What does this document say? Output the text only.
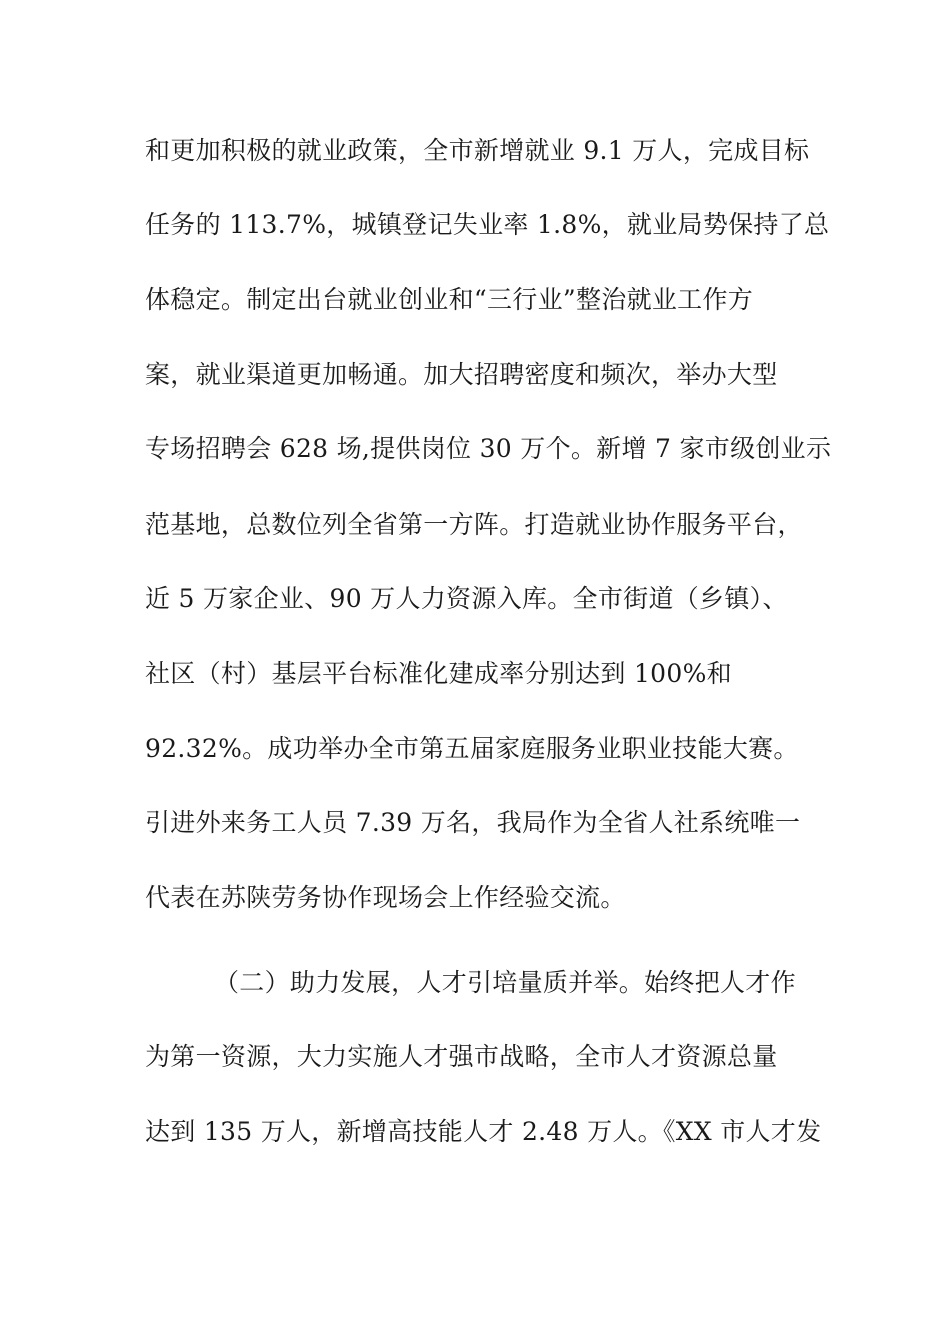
和更加积极的就业政策，全市新增就业 9.1 万人，完成目标
任务的 113.7%，城镇登记失业率 1.8%，就业局势保持了总
体稳定。制定出台就业创业和“三行业”整治就业工作方
案，就业渠道更加畅通。加大招聘密度和频次，举办大型
专场招聘会 628 场,提供岗位 30 万个。新增 7 家市级创业示
范基地，总数位列全省第一方阵。打造就业协作服务平台，
近 5 万家企业、90 万人力资源入库。全市街道（乡镇）、
社区（村）基层平台标准化建成率分别达到 100%和
92.32%。成功举办全市第五届家庭服务业职业技能大赛。
引进外来务工人员 7.39 万名，我局作为全省人社系统唯一
代表在苏陕劳务协作现场会上作经验交流。
（二）助力发展，人才引培量质并举。始终把人才作
为第一资源，大力实施人才强市战略，全市人才资源总量
达到 135 万人，新增高技能人才 2.48 万人。《XX 市人才发
